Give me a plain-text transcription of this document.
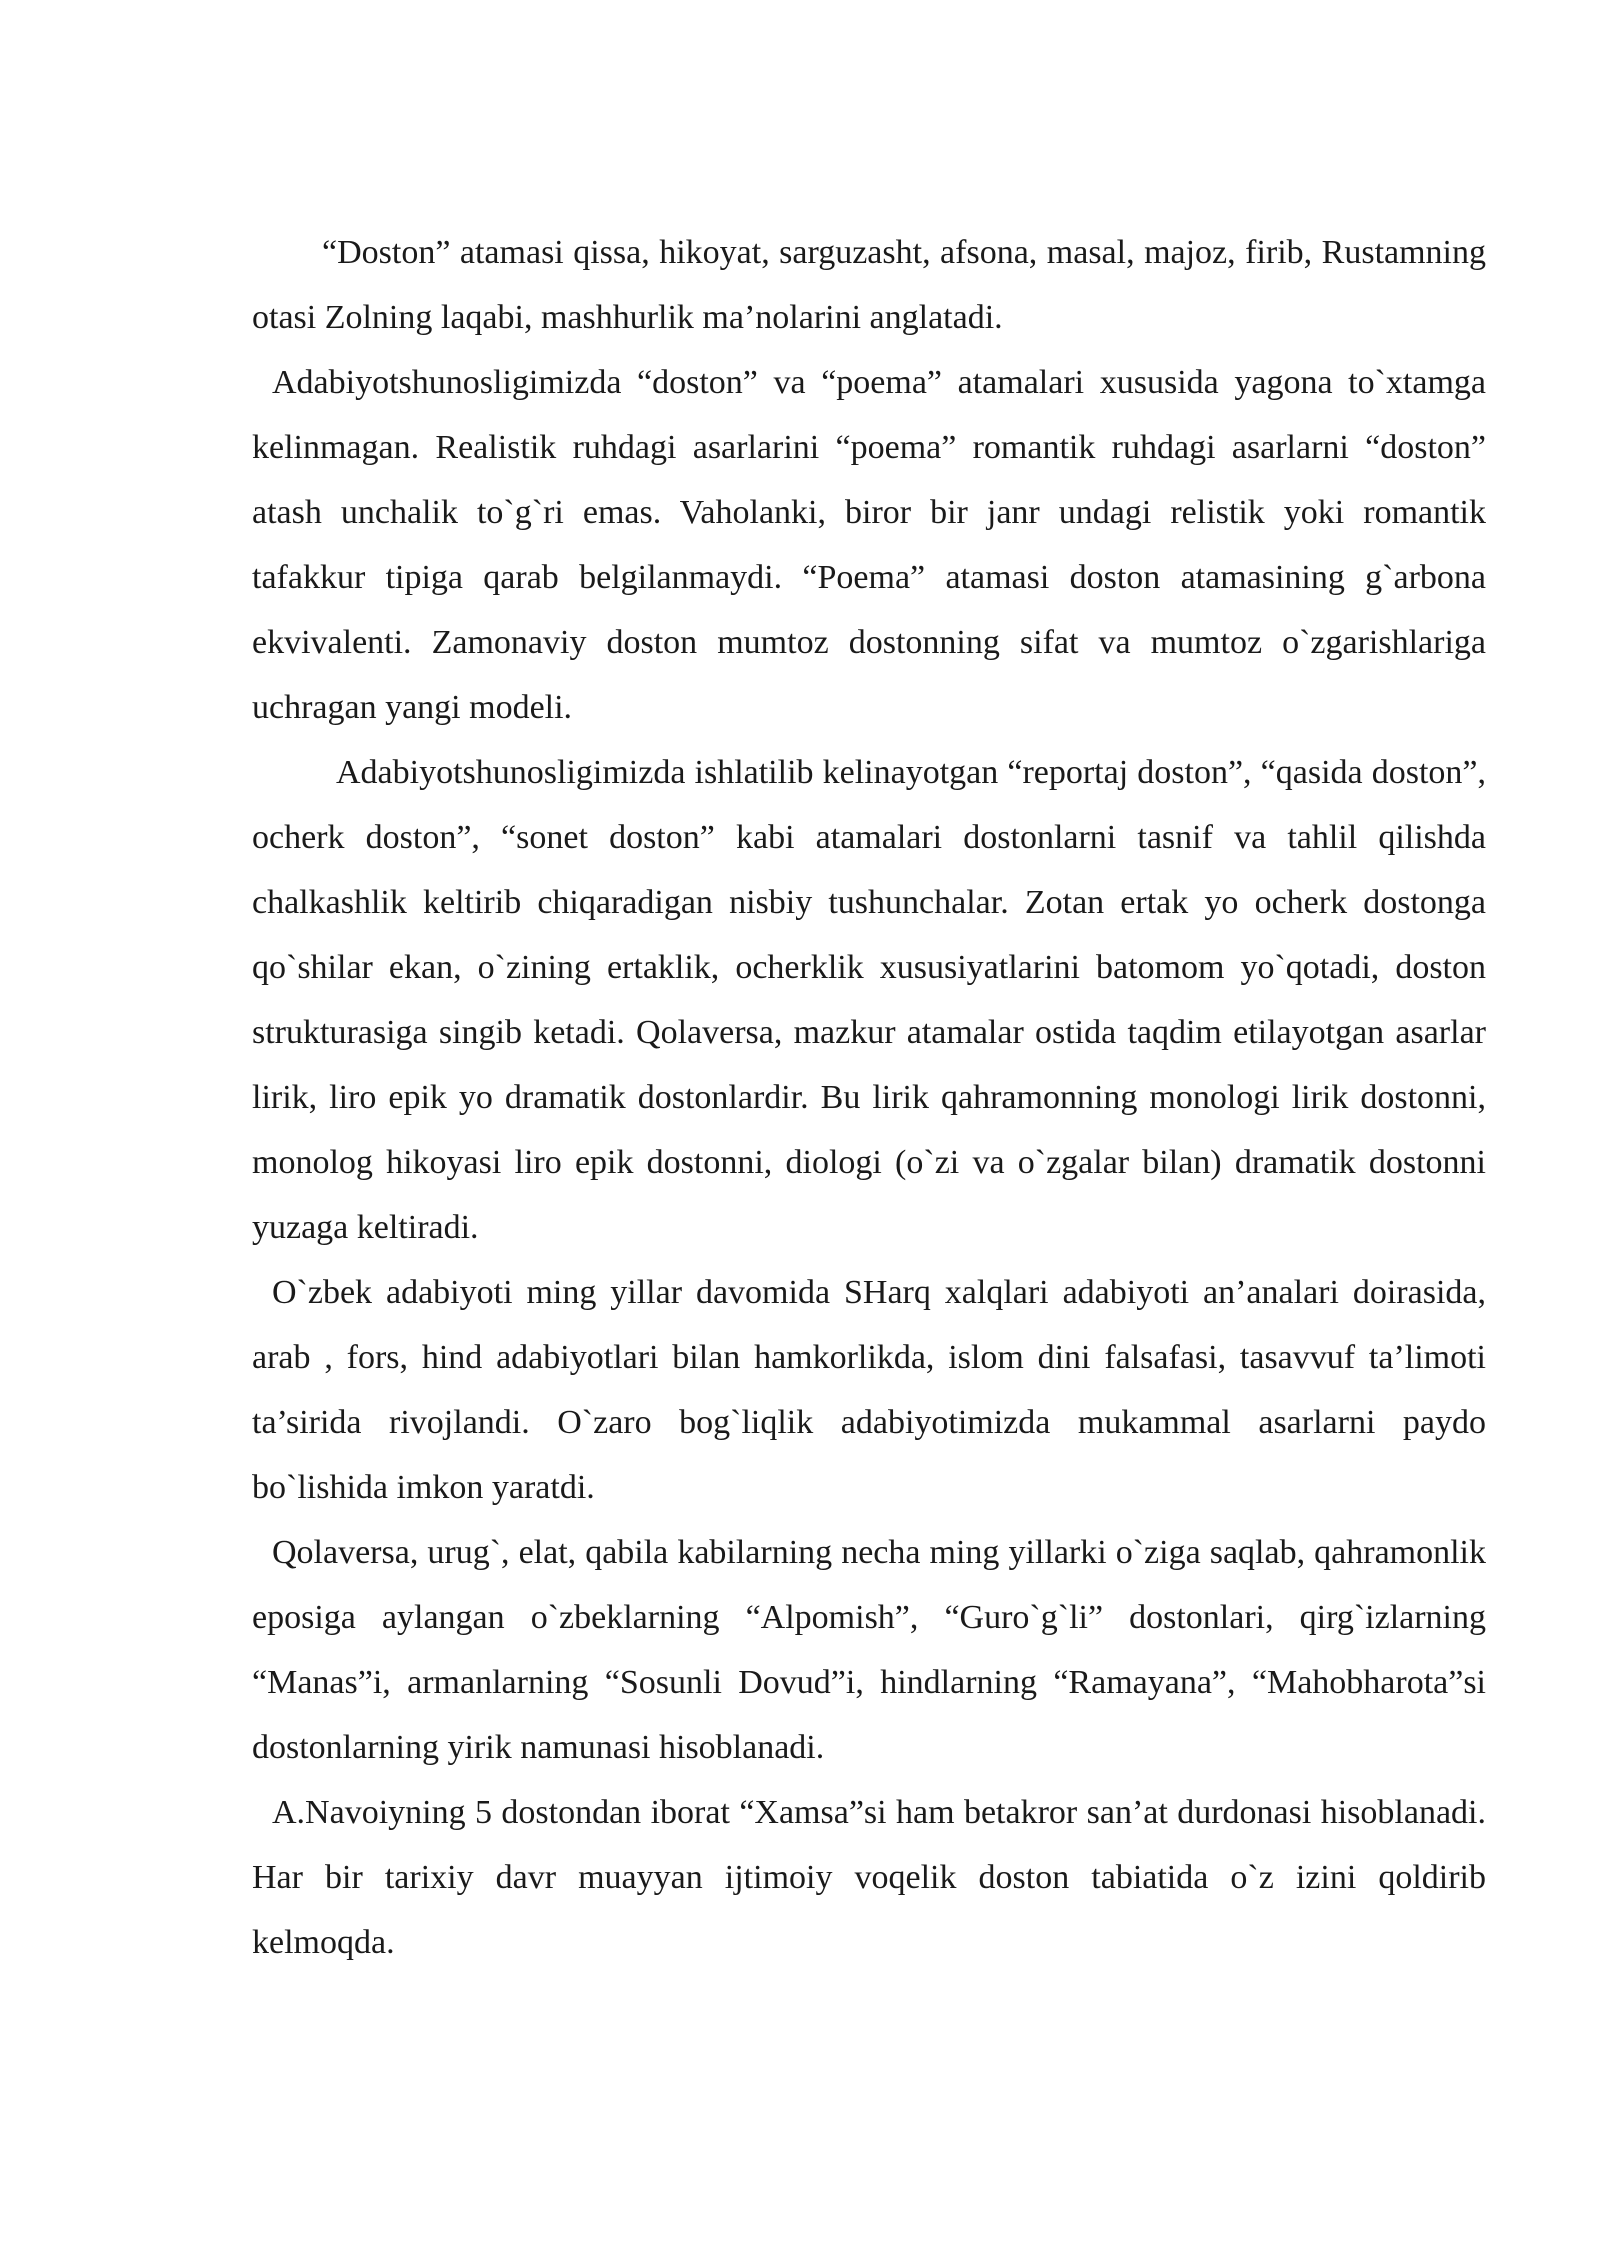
“Doston” atamasi qissa, hikoyat, sarguzasht, afsona, masal, majoz, firib, Rustamning otasi Zolning laqabi, mashhurlik ma’nolarini anglatadi.

Adabiyotshunosligimizda “doston” va “poema” atamalari xususida yagona to`xtamga kelinmagan. Realistik ruhdagi asarlarini “poema” romantik ruhdagi asarlarni “doston” atash unchalik to`g`ri emas. Vaholanki, biror bir janr undagi relistik yoki romantik tafakkur tipiga qarab belgilanmaydi. “Poema” atamasi doston atamasining g`arbona ekvivalenti. Zamonaviy doston mumtoz dostonning sifat va mumtoz o`zgarishlariga uchragan yangi modeli.

Adabiyotshunosligimizda ishlatilib kelinayotgan “reportaj doston”, “qasida doston”, ocherk doston”, “sonet doston” kabi atamalari dostonlarni tasnif va tahlil qilishda chalkashlik keltirib chiqaradigan nisbiy tushunchalar. Zotan ertak yo ocherk dostonga qo`shilar ekan, o`zining ertaklik, ocherklik xususiyatlarini batomom yo`qotadi, doston strukturasiga singib ketadi. Qolaversa, mazkur atamalar ostida taqdim etilayotgan asarlar lirik, liro epik yo dramatik dostonlardir. Bu lirik qahramonning monologi lirik dostonni, monolog hikoyasi liro epik dostonni, diologi (o`zi va o`zgalar bilan) dramatik dostonni yuzaga keltiradi.

O`zbek adabiyoti ming yillar davomida SHarq xalqlari adabiyoti an’analari doirasida, arab , fors, hind adabiyotlari bilan hamkorlikda, islom dini falsafasi, tasavvuf ta’limoti ta’sirida rivojlandi. O`zaro bog`liqlik adabiyotimizda mukammal asarlarni paydo bo`lishida imkon yaratdi.

Qolaversa, urug`, elat, qabila kabilarning necha ming yillarki o`ziga saqlab, qahramonlik eposiga aylangan o`zbeklarning “Alpomish”, “Guro`g`li” dostonlari, qirg`izlarning “Manas”i, armanlarning “Sosunli Dovud”i, hindlarning “Ramayana”, “Mahobharota”si dostonlarning yirik namunasi hisoblanadi.

A.Navoiyning 5 dostondan iborat “Xamsa”si ham betakror san’at durdonasi hisoblanadi. Har bir tarixiy davr muayyan ijtimoiy voqelik doston tabiatida o`z izini qoldirib kelmoqda.
